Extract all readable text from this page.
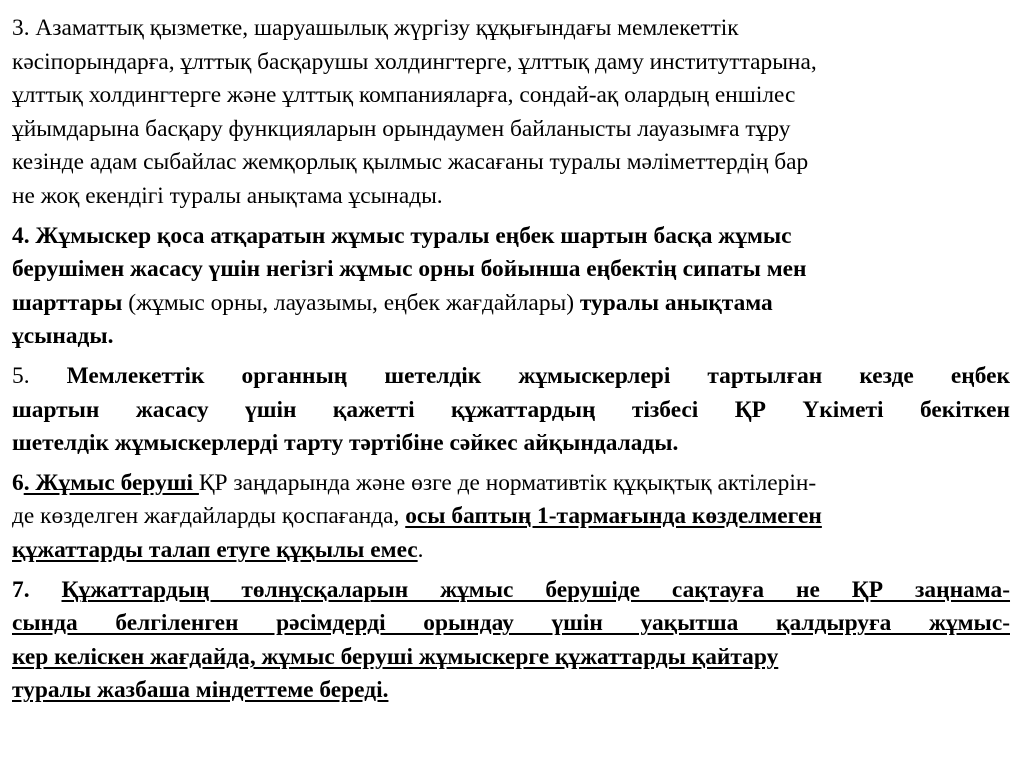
3. Азаматтық қызметке, шаруашылық жүргізу құқығындағы мемлекеттік
кәсіпорындарға, ұлттық басқарушы холдингтерге, ұлттық даму институттарына,
ұлттық холдингтерге және ұлттық компанияларға, сондай-ақ олардың еншілес
ұйымдарына басқару функцияларын орындаумен байланысты лауазымға тұру
кезінде адам сыбайлас жемқорлық қылмыс жасағаны туралы мәліметтердің бар
не жоқ екендігі туралы анықтама ұсынады.

4. Жұмыскер қоса атқаратын жұмыс туралы еңбек шартын басқа жұмыс
берушімен жасасу үшін негізгі жұмыс орны бойынша еңбектің сипаты мен
шарттары (жұмыс орны, лауазымы, еңбек жағдайлары) туралы анықтама
ұсынады.

5. Мемлекеттік органның шетелдік жұмыскерлері тартылған кезде еңбек
шартын жасасу үшін қажетті құжаттардың тізбесі ҚР Үкіметі бекіткен
шетелдік жұмыскерлерді тарту тәртібіне сәйкес айқындалады.

6. Жұмыс беруші ҚР заңдарында және өзге де нормативтік құқықтық актілерін-
де көзделген жағдайларды қоспағанда, осы баптың 1-тармағында көзделмеген
құжаттарды талап етуге құқылы емес.

7. Құжаттардың төлнұсқаларын жұмыс берушіде сақтауға не ҚР заңнама-
сында белгіленген рәсімдерді орындау үшін уақытша қалдыруға жұмыс-
кер келіскен жағдайда, жұмыс беруші жұмыскерге құжаттарды қайтару
туралы жазбаша міндеттеме береді.
